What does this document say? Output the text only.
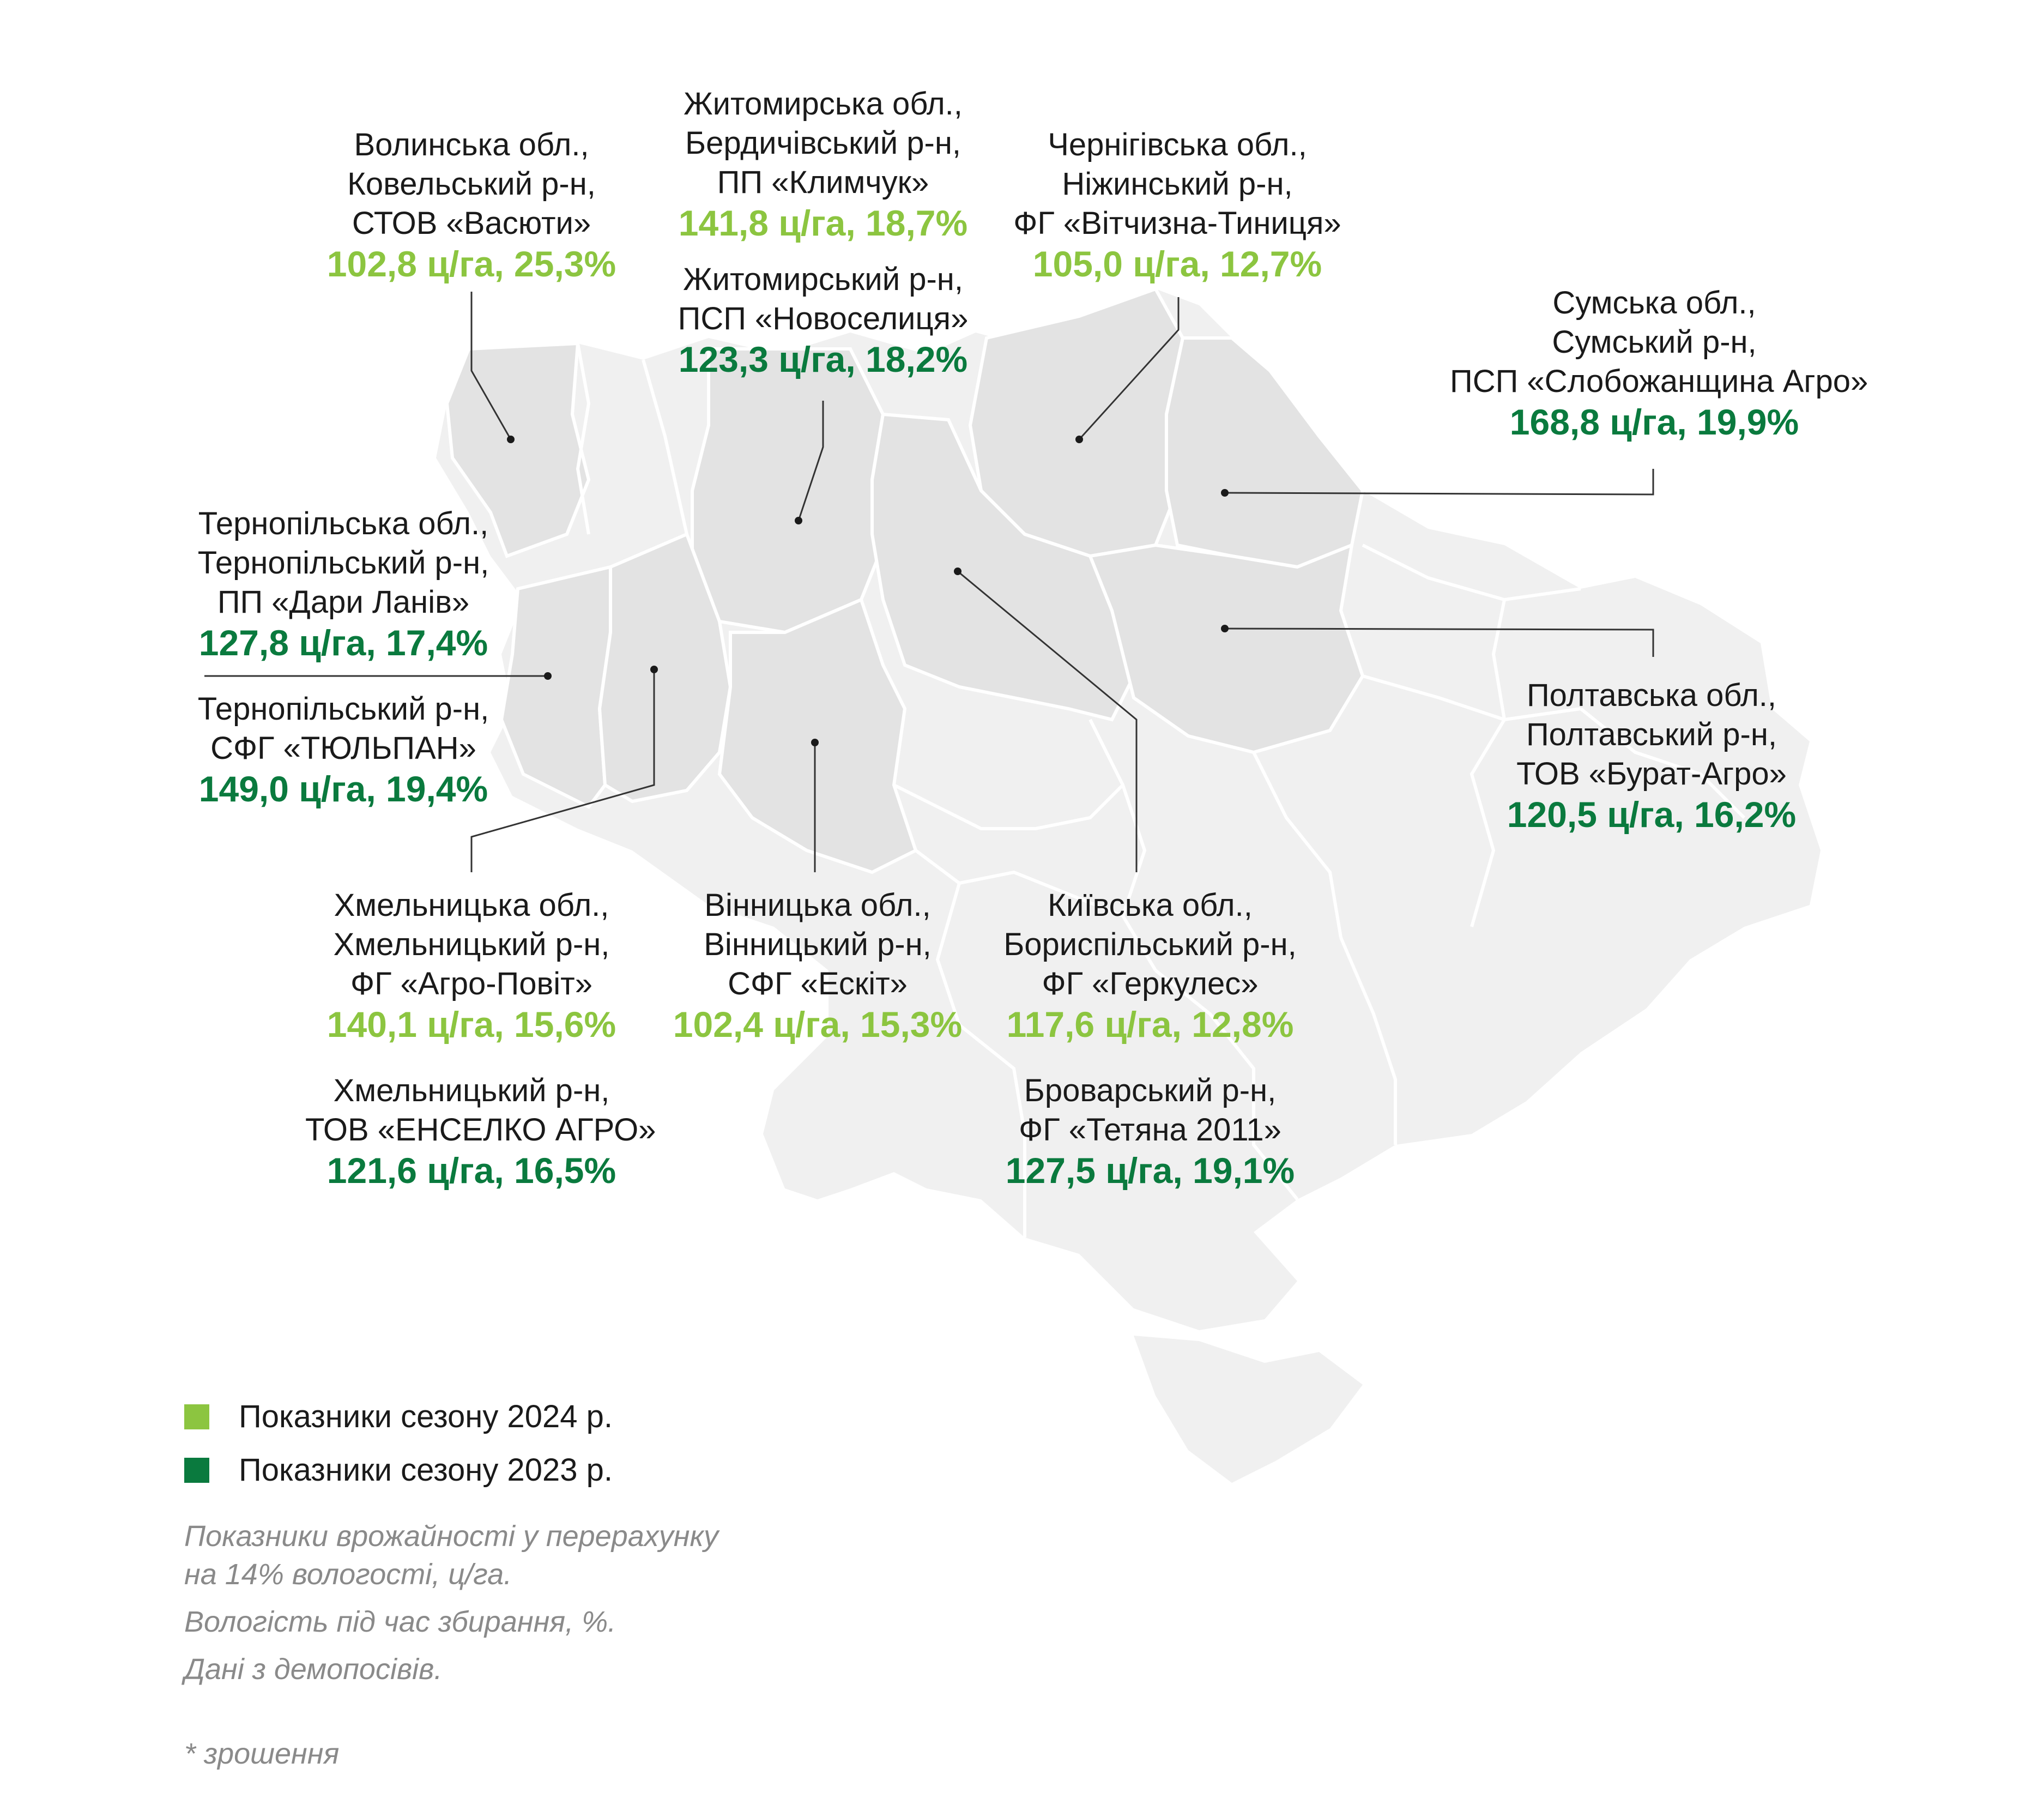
Волинська обл.,
Ковельський р-н,
СТОВ «Васюти»
102,8 ц/га, 25,3%
Житомирська обл.,
Бердичівський р-н,
ПП «Климчук»
141,8 ц/га, 18,7%
Житомирський р-н,
ПСП «Новоселиця»
123,3 ц/га, 18,2%
Чернігівська обл.,
Ніжинський р-н,
ФГ «Вітчизна-Тиниця»
105,0 ц/га, 12,7%
Сумська обл.,
Сумський р-н,
ПСП «Слобожанщина Агро»
168,8 ц/га, 19,9%
Тернопільська обл.,
Тернопільський р-н,
ПП «Дари Ланів»
127,8 ц/га, 17,4%
Тернопільський р-н,
СФГ «ТЮЛЬПАН»
149,0 ц/га, 19,4%
Полтавська обл.,
Полтавський р-н,
ТОВ «Бурат-Агро»
120,5 ц/га, 16,2%
Хмельницька обл.,
Хмельницький р-н,
ФГ «Агро-Повіт»
140,1 ц/га, 15,6%
Хмельницький р-н,
ТОВ «ЕНСЕЛКО АГРО»
121,6 ц/га, 16,5%
Вінницька обл.,
Вінницький р-н,
СФГ «Ескіт»
102,4 ц/га, 15,3%
Київська обл.,
Бориспільський р-н,
ФГ «Геркулес»
117,6 ц/га, 12,8%
Броварський р-н,
ФГ «Тетяна 2011»
127,5 ц/га, 19,1%
Показники сезону 2024 р.
Показники сезону 2023 р.
Показники врожайності у перерахунку
на 14% вологості, ц/га.
Вологість під час збирання, %.
Дані з демопосівів.
* зрошення
